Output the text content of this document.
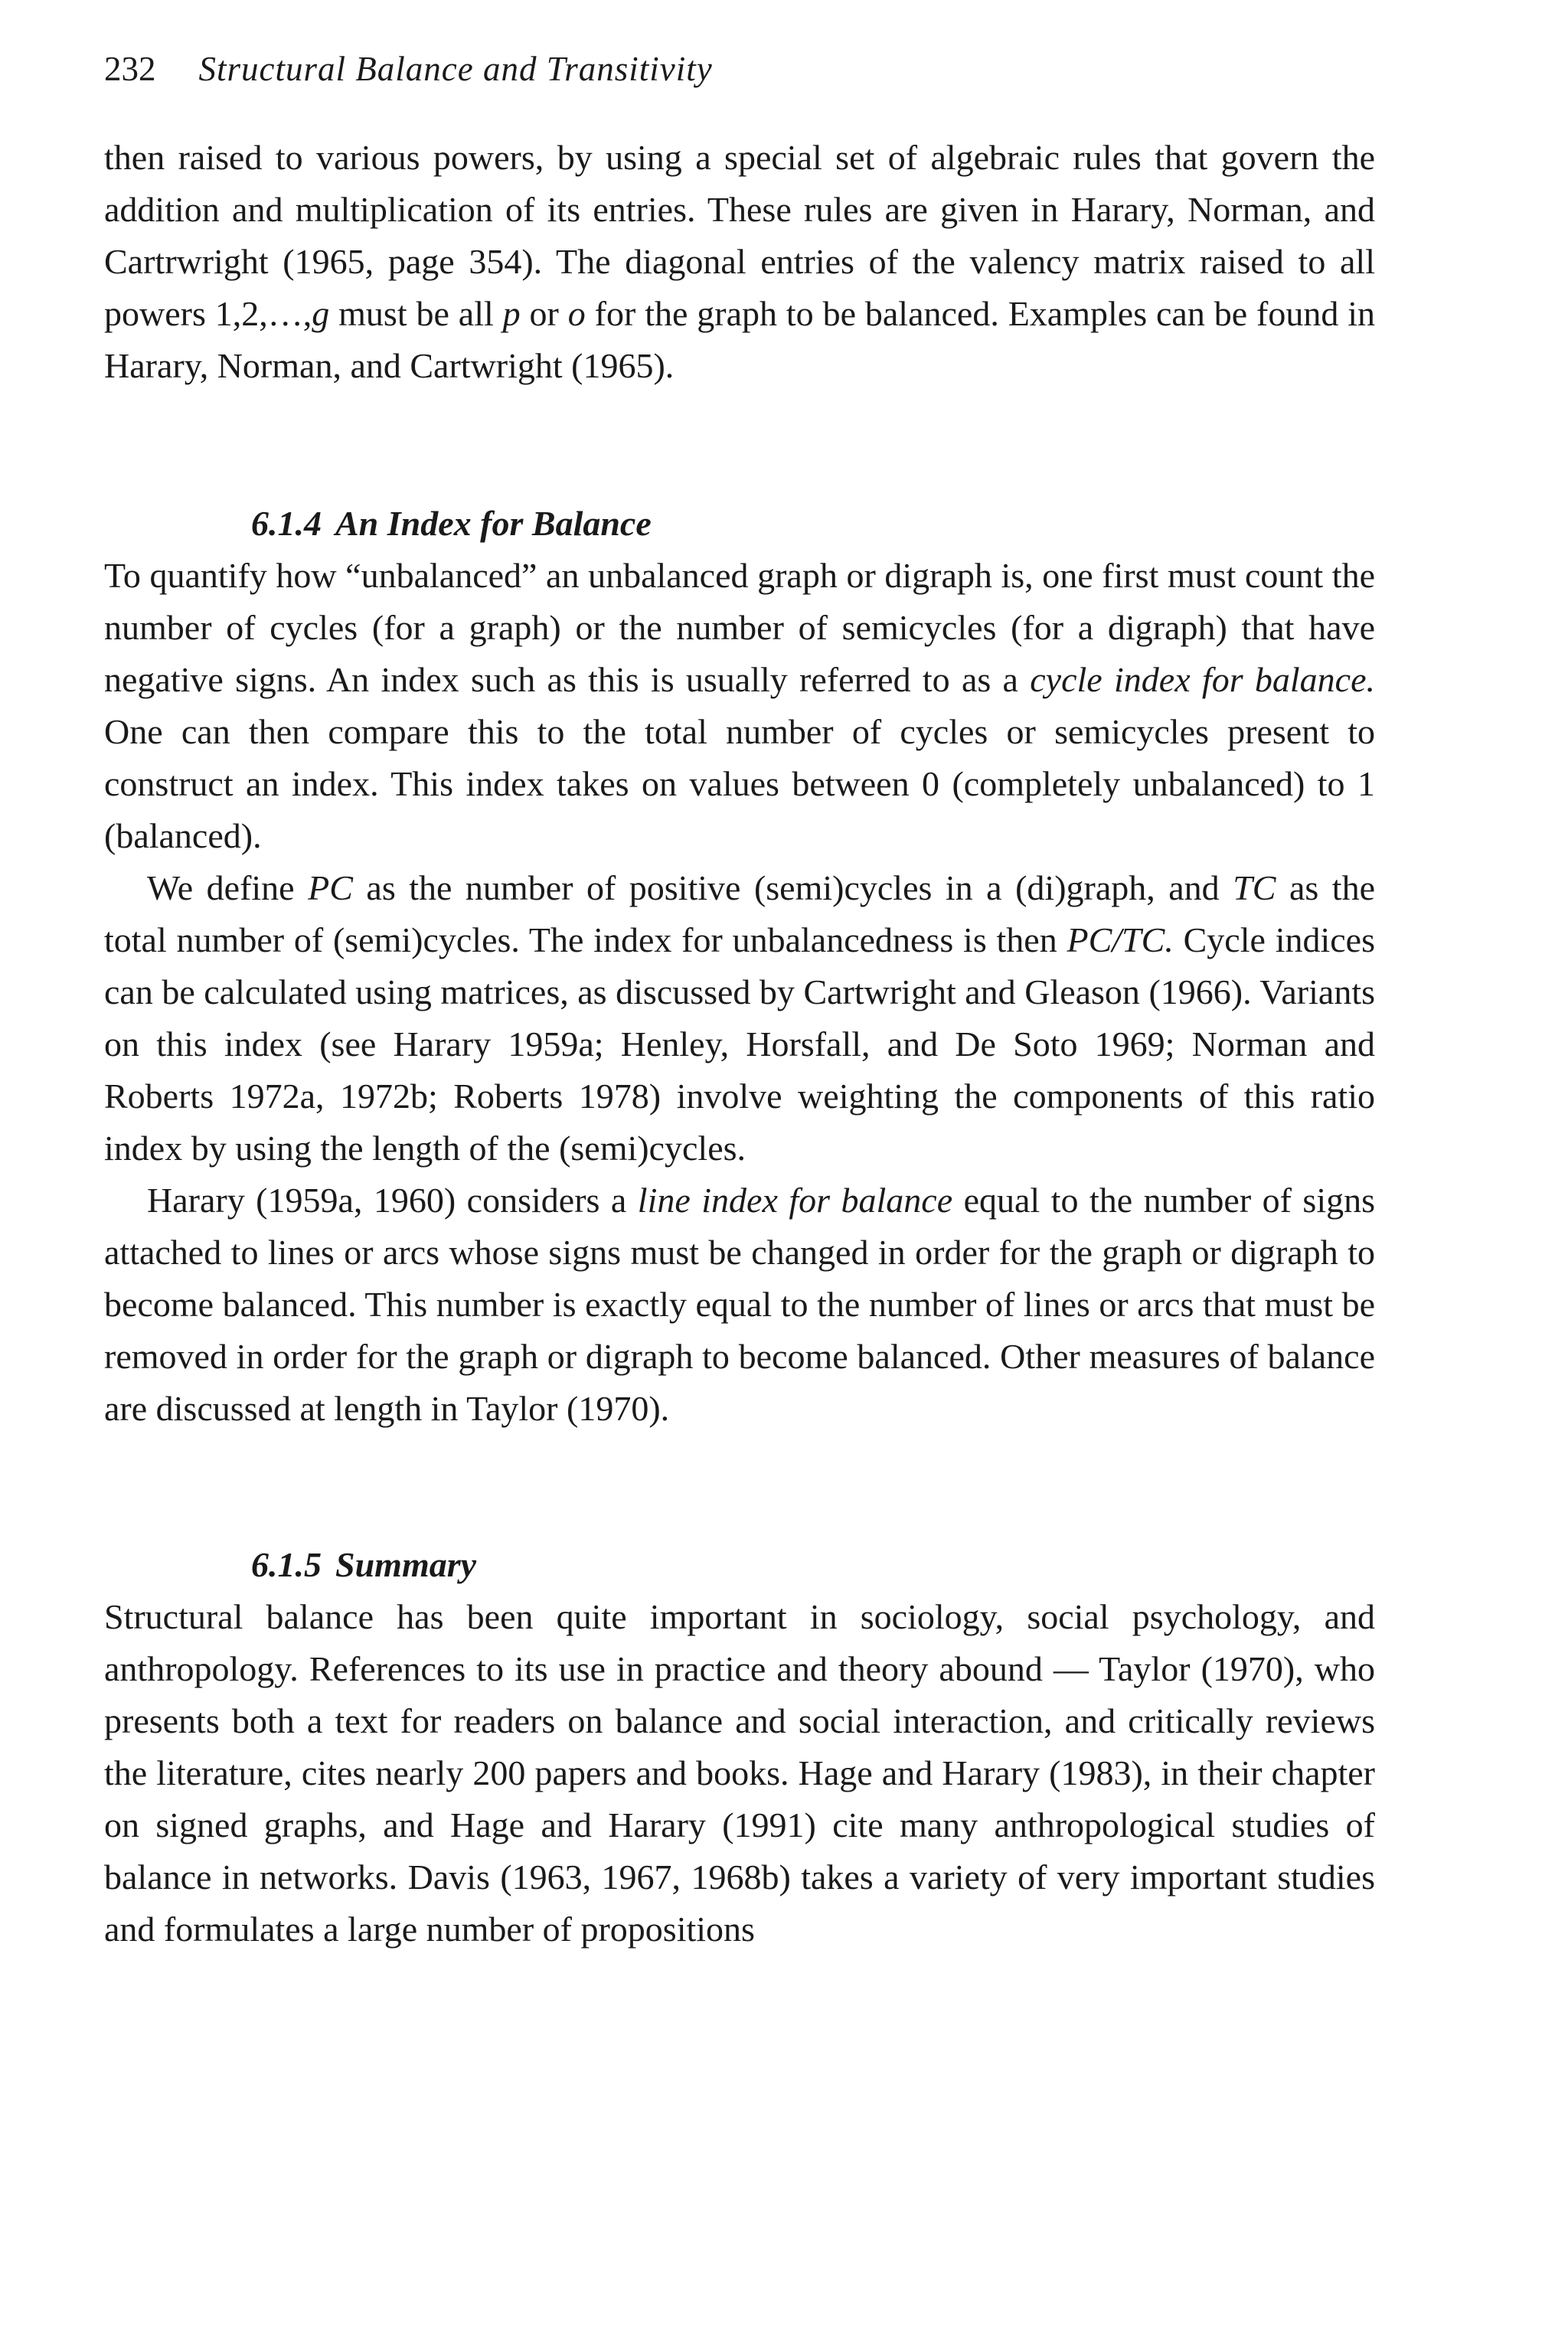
232 Structural Balance and Transitivity

then raised to various powers, by using a special set of algebraic rules that govern the addition and multiplication of its entries. These rules are given in Harary, Norman, and Cartrwright (1965, page 354). The diagonal entries of the valency matrix raised to all powers 1,2,…,g must be all p or o for the graph to be balanced. Examples can be found in Harary, Norman, and Cartwright (1965).

6.1.4 An Index for Balance

To quantify how “unbalanced” an unbalanced graph or digraph is, one first must count the number of cycles (for a graph) or the number of semicycles (for a digraph) that have negative signs. An index such as this is usually referred to as a cycle index for balance. One can then compare this to the total number of cycles or semicycles present to construct an index. This index takes on values between 0 (completely unbalanced) to 1 (balanced).

We define PC as the number of positive (semi)cycles in a (di)graph, and TC as the total number of (semi)cycles. The index for unbalancedness is then PC/TC. Cycle indices can be calculated using matrices, as discussed by Cartwright and Gleason (1966). Variants on this index (see Harary 1959a; Henley, Horsfall, and De Soto 1969; Norman and Roberts 1972a, 1972b; Roberts 1978) involve weighting the components of this ratio index by using the length of the (semi)cycles.

Harary (1959a, 1960) considers a line index for balance equal to the number of signs attached to lines or arcs whose signs must be changed in order for the graph or digraph to become balanced. This number is exactly equal to the number of lines or arcs that must be removed in order for the graph or digraph to become balanced. Other measures of balance are discussed at length in Taylor (1970).

6.1.5 Summary

Structural balance has been quite important in sociology, social psychology, and anthropology. References to its use in practice and theory abound — Taylor (1970), who presents both a text for readers on balance and social interaction, and critically reviews the literature, cites nearly 200 papers and books. Hage and Harary (1983), in their chapter on signed graphs, and Hage and Harary (1991) cite many anthropological studies of balance in networks. Davis (1963, 1967, 1968b) takes a variety of very important studies and formulates a large number of propositions
